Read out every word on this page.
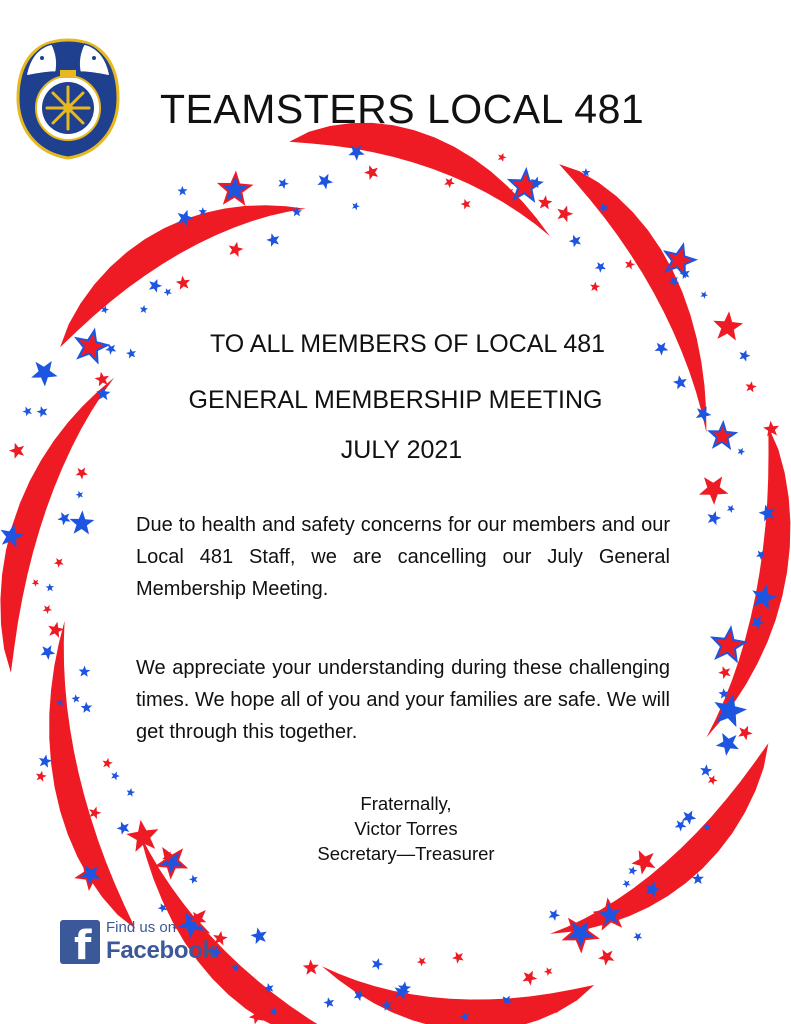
TEAMSTERS LOCAL 481
TO ALL MEMBERS OF LOCAL 481
GENERAL MEMBERSHIP MEETING
JULY 2021
Due to health and safety concerns for our members and our Local 481 Staff, we are cancelling our July General Membership Meeting.
We appreciate your understanding during these challenging times. We hope all of you and your families are safe. We will get through this together.
Fraternally,
Victor Torres
Secretary—Treasurer
f Find us on
Facebook
